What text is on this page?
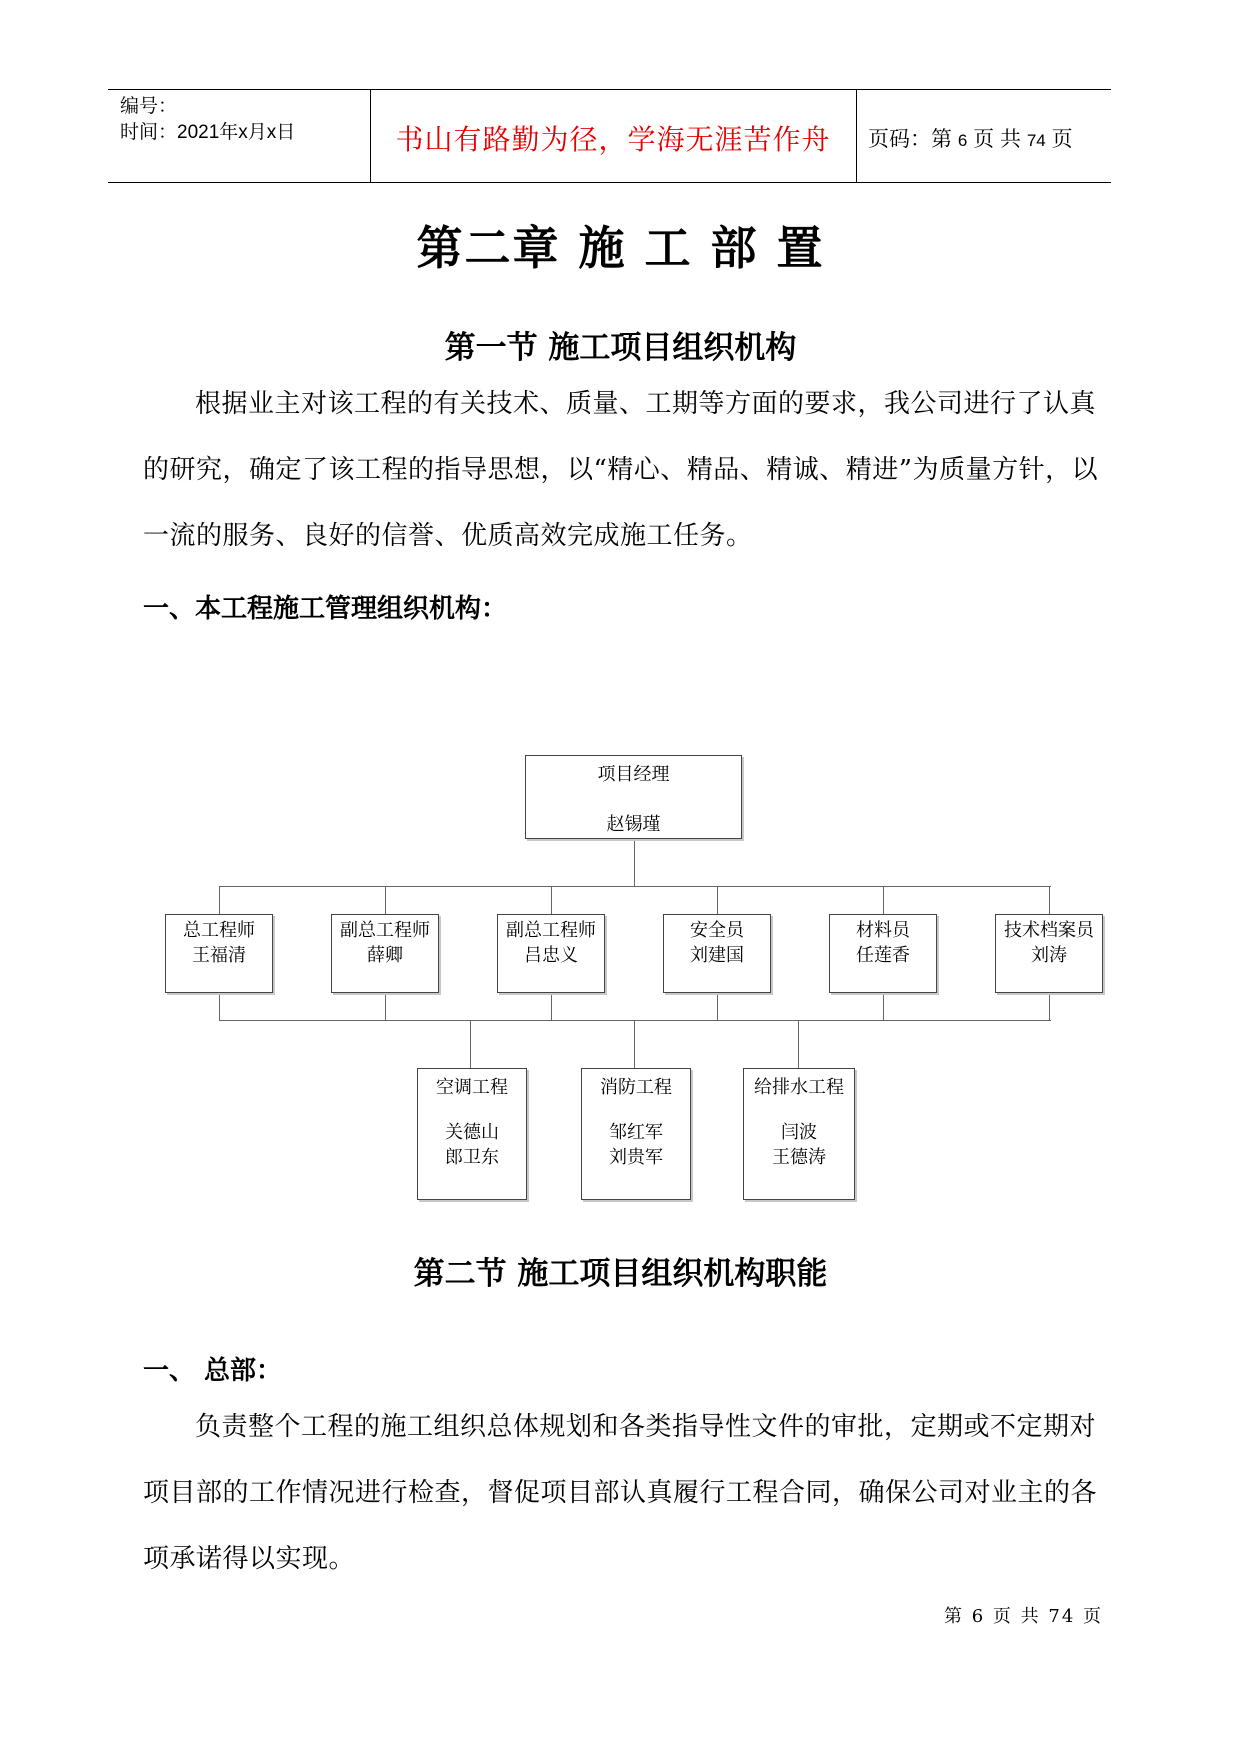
编号：
时间：2021年x月x日	书山有路勤为径，学海无涯苦作舟	页码：第 6 页 共 74 页
第二章 施 工 部 置
第一节 施工项目组织机构
根据业主对该工程的有关技术、质量、工期等方面的要求，我公司进行了认真的研究，确定了该工程的指导思想，以“精心、精品、精诚、精进”为质量方针，以一流的服务、良好的信誉、优质高效完成施工任务。
一、本工程施工管理组织机构：
项目经理
赵锡瑾
总工程师
王福清
副总工程师
薛卿
副总工程师
吕忠义
安全员
刘建国
材料员
任莲香
技术档案员
刘涛
空调工程
关德山
郎卫东
消防工程
邹红军
刘贵军
给排水工程
闫波
王德涛
第二节 施工项目组织机构职能
一、 总部：
负责整个工程的施工组织总体规划和各类指导性文件的审批，定期或不定期对项目部的工作情况进行检查，督促项目部认真履行工程合同，确保公司对业主的各项承诺得以实现。
第 6 页 共 74 页
